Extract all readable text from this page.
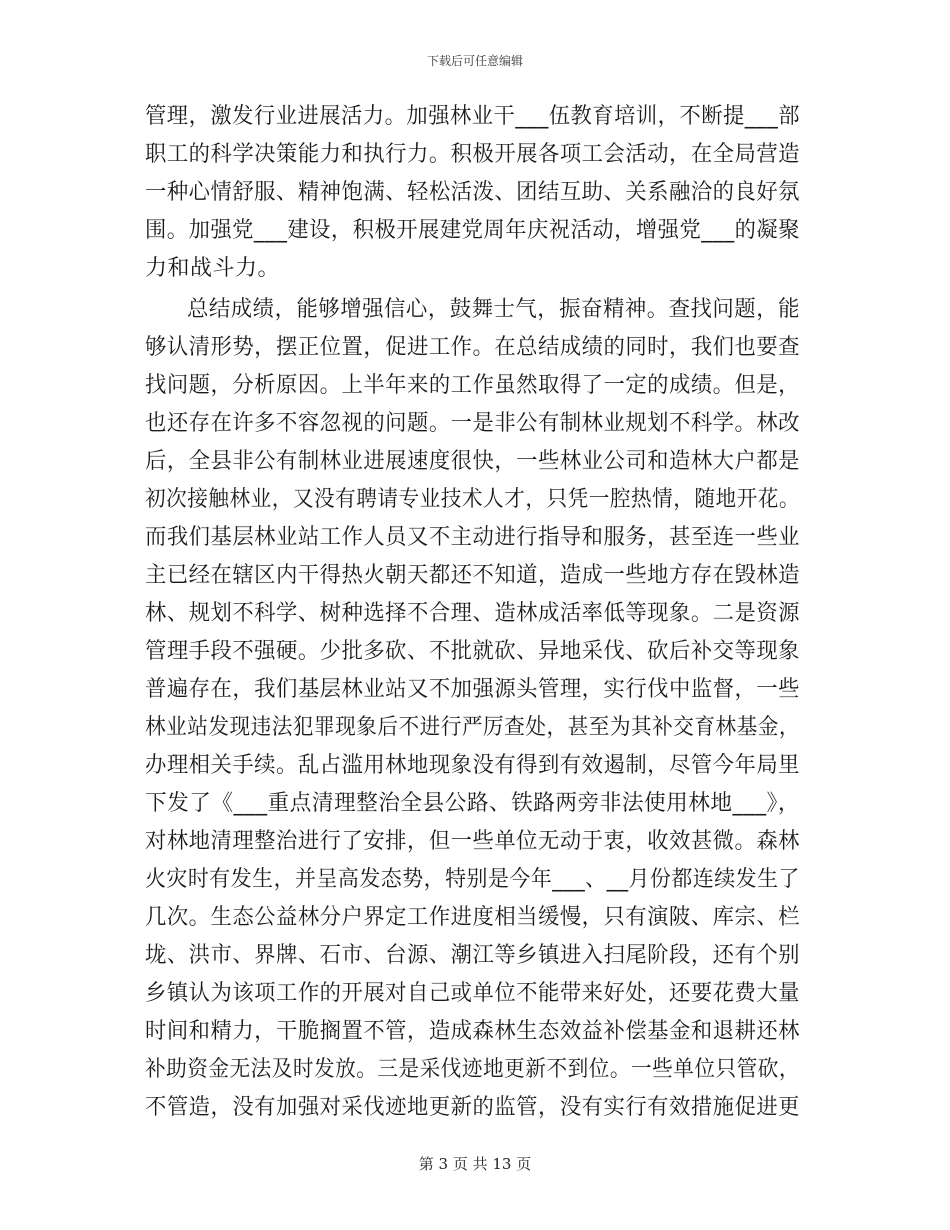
下载后可任意编辑
管理，激发行业进展活力。加强林业干___伍教育培训，不断提___部
职工的科学决策能力和执行力。积极开展各项工会活动，在全局营造
一种心情舒服、精神饱满、轻松活泼、团结互助、关系融洽的良好氛
围。加强党___建设，积极开展建党周年庆祝活动，增强党___的凝聚
力和战斗力。
总结成绩，能够增强信心，鼓舞士气，振奋精神。查找问题，能
够认清形势，摆正位置，促进工作。在总结成绩的同时，我们也要查
找问题，分析原因。上半年来的工作虽然取得了一定的成绩。但是，
也还存在许多不容忽视的问题。一是非公有制林业规划不科学。林改
后，全县非公有制林业进展速度很快，一些林业公司和造林大户都是
初次接触林业，又没有聘请专业技术人才，只凭一腔热情，随地开花。
而我们基层林业站工作人员又不主动进行指导和服务，甚至连一些业
主已经在辖区内干得热火朝天都还不知道，造成一些地方存在毁林造
林、规划不科学、树种选择不合理、造林成活率低等现象。二是资源
管理手段不强硬。少批多砍、不批就砍、异地采伐、砍后补交等现象
普遍存在，我们基层林业站又不加强源头管理，实行伐中监督，一些
林业站发现违法犯罪现象后不进行严厉查处，甚至为其补交育林基金，
办理相关手续。乱占滥用林地现象没有得到有效遏制，尽管今年局里
下发了《___重点清理整治全县公路、铁路两旁非法使用林地___》，
对林地清理整治进行了安排，但一些单位无动于衷，收效甚微。森林
火灾时有发生，并呈高发态势，特别是今年___、__月份都连续发生了
几次。生态公益林分户界定工作进度相当缓慢，只有演陂、库宗、栏
垅、洪市、界牌、石市、台源、潮江等乡镇进入扫尾阶段，还有个别
乡镇认为该项工作的开展对自己或单位不能带来好处，还要花费大量
时间和精力，干脆搁置不管，造成森林生态效益补偿基金和退耕还林
补助资金无法及时发放。三是采伐迹地更新不到位。一些单位只管砍，
不管造，没有加强对采伐迹地更新的监管，没有实行有效措施促进更
第 3 页 共 13 页
